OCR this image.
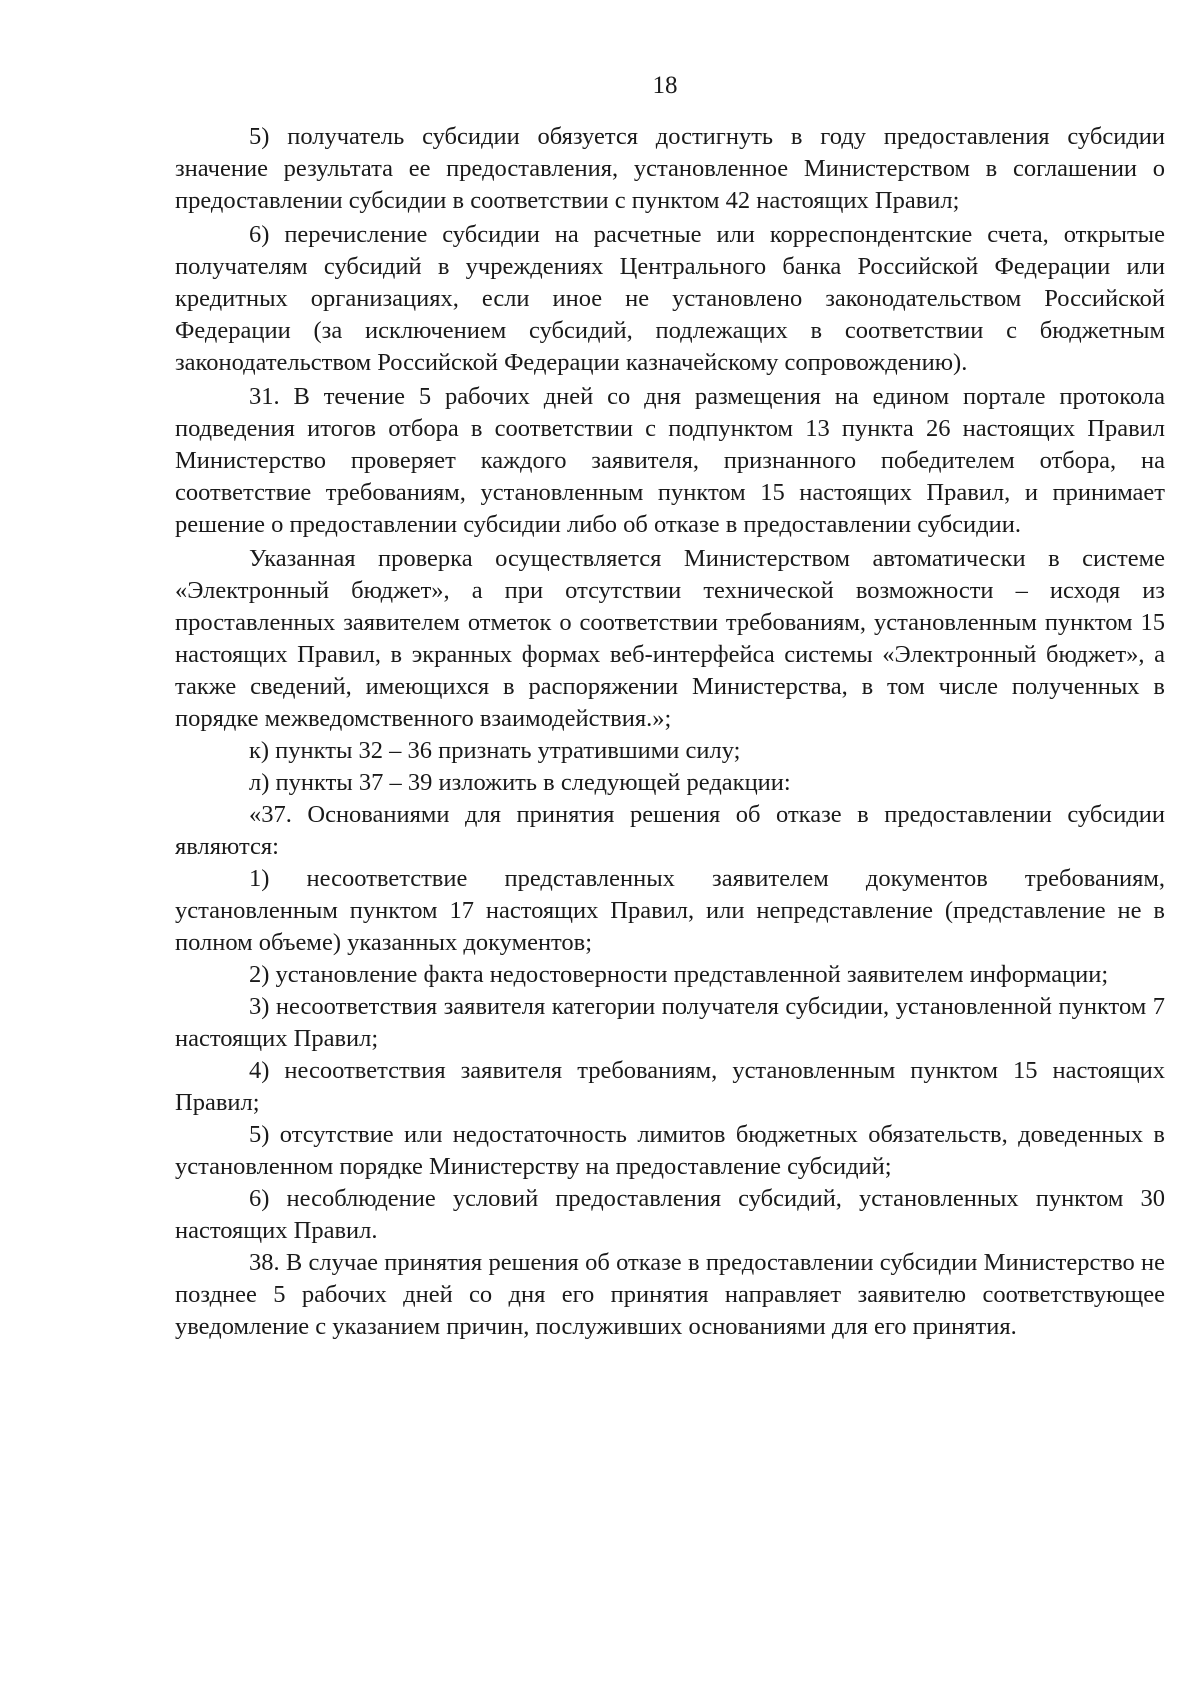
18

5) получатель субсидии обязуется достигнуть в году предоставления субсидии значение результата ее предоставления, установленное Министерством в соглашении о предоставлении субсидии в соответствии с пунктом 42 настоящих Правил;

6) перечисление субсидии на расчетные или корреспондентские счета, открытые получателям субсидий в учреждениях Центрального банка Российской Федерации или кредитных организациях, если иное не установлено законодательством Российской Федерации (за исключением субсидий, подлежащих в соответствии с бюджетным законодательством Российской Федерации казначейскому сопровождению).

31. В течение 5 рабочих дней со дня размещения на едином портале протокола подведения итогов отбора в соответствии с подпунктом 13 пункта 26 настоящих Правил Министерство проверяет каждого заявителя, признанного победителем отбора, на соответствие требованиям, установленным пунктом 15 настоящих Правил, и принимает решение о предоставлении субсидии либо об отказе в предоставлении субсидии.

Указанная проверка осуществляется Министерством автоматически в системе «Электронный бюджет», а при отсутствии технической возможности – исходя из проставленных заявителем отметок о соответствии требованиям, установленным пунктом 15 настоящих Правил, в экранных формах веб-интерфейса системы «Электронный бюджет», а также сведений, имеющихся в распоряжении Министерства, в том числе полученных в порядке межведомственного взаимодействия.»;

к) пункты 32 – 36 признать утратившими силу;

л) пункты 37 – 39 изложить в следующей редакции:

«37. Основаниями для принятия решения об отказе в предоставлении субсидии являются:

1) несоответствие представленных заявителем документов требованиям, установленным пунктом 17 настоящих Правил, или непредставление (представление не в полном объеме) указанных документов;

2) установление факта недостоверности представленной заявителем информации;

3) несоответствия заявителя категории получателя субсидии, установленной пунктом 7 настоящих Правил;

4) несоответствия заявителя требованиям, установленным пунктом 15 настоящих Правил;

5) отсутствие или недостаточность лимитов бюджетных обязательств, доведенных в установленном порядке Министерству на предоставление субсидий;

6) несоблюдение условий предоставления субсидий, установленных пунктом 30 настоящих Правил.

38. В случае принятия решения об отказе в предоставлении субсидии Министерство не позднее 5 рабочих дней со дня его принятия направляет заявителю соответствующее уведомление с указанием причин, послуживших основаниями для его принятия.
